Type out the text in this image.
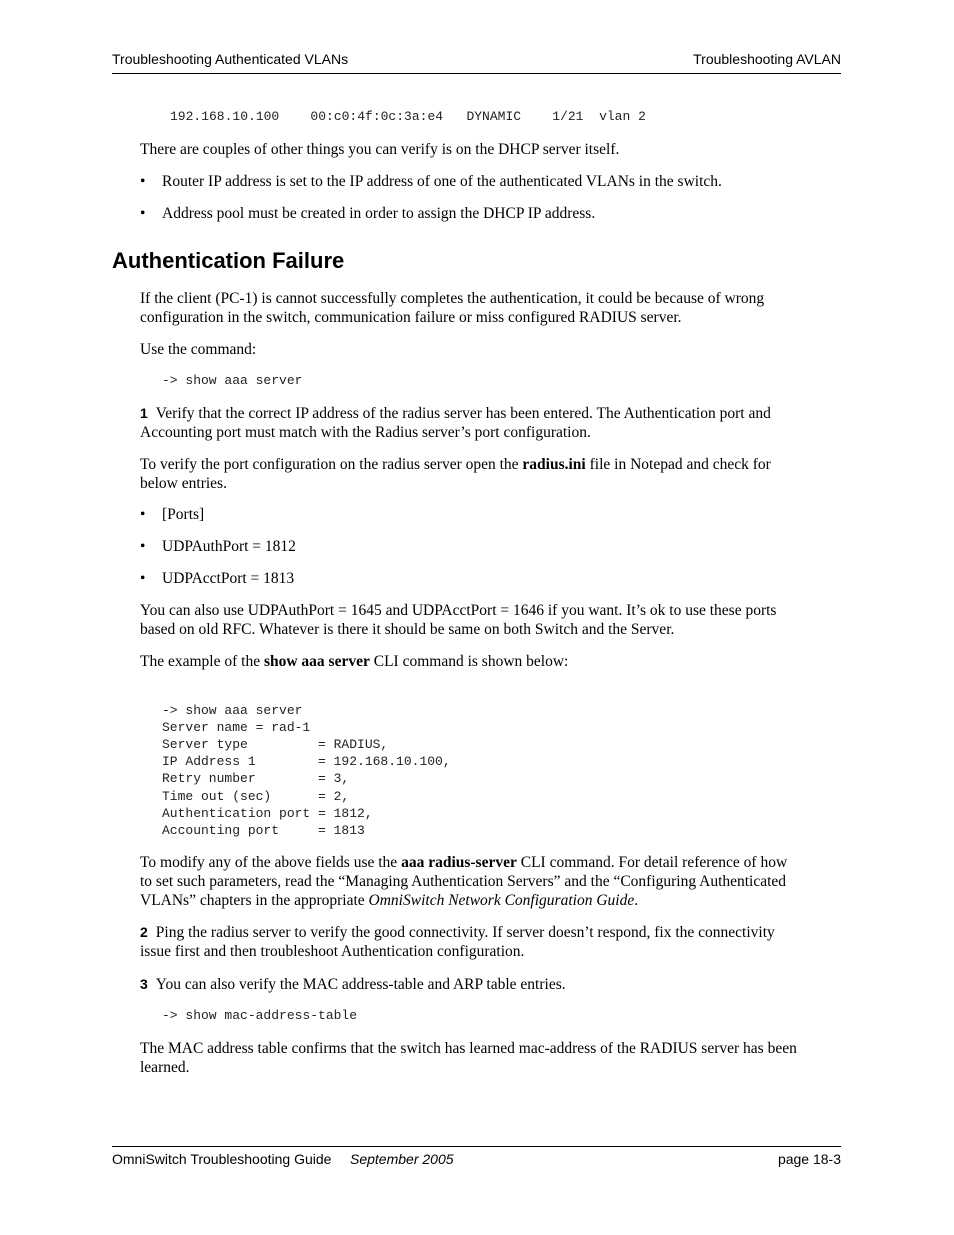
Troubleshooting Authenticated VLANs	Troubleshooting AVLAN
192.168.10.100    00:c0:4f:0c:3a:e4   DYNAMIC    1/21  vlan 2
There are couples of other things you can verify is on the DHCP server itself.
•	Router IP address is set to the IP address of one of the authenticated VLANs in the switch.
•	Address pool must be created in order to assign the DHCP IP address.
Authentication Failure
If the client (PC-1) is cannot successfully completes the authentication, it could be because of wrong
configuration in the switch, communication failure or miss configured RADIUS server.
Use the command:
-> show aaa server
1 Verify that the correct IP address of the radius server has been entered. The Authentication port and
Accounting port must match with the Radius server’s port configuration.
To verify the port configuration on the radius server open the radius.ini file in Notepad and check for
below entries.
•	[Ports]
•	UDPAuthPort = 1812
•	UDPAcctPort = 1813
You can also use UDPAuthPort = 1645 and UDPAcctPort = 1646 if you want. It’s ok to use these ports
based on old RFC. Whatever is there it should be same on both Switch and the Server.
The example of the show aaa server CLI command is shown below:

-> show aaa server
Server name = rad-1
Server type         = RADIUS,
IP Address 1        = 192.168.10.100,
Retry number        = 3,
Time out (sec)      = 2,
Authentication port = 1812,
Accounting port     = 1813

To modify any of the above fields use the aaa radius-server CLI command. For detail reference of how
to set such parameters, read the “Managing Authentication Servers” and the “Configuring Authenticated
VLANs” chapters in the appropriate OmniSwitch Network Configuration Guide.
2 Ping the radius server to verify the good connectivity. If server doesn’t respond, fix the connectivity
issue first and then troubleshoot Authentication configuration.
3 You can also verify the MAC address-table and ARP table entries.
-> show mac-address-table
The MAC address table confirms that the switch has learned mac-address of the RADIUS server has been
learned.
OmniSwitch Troubleshooting Guide September 2005	page 18-3
